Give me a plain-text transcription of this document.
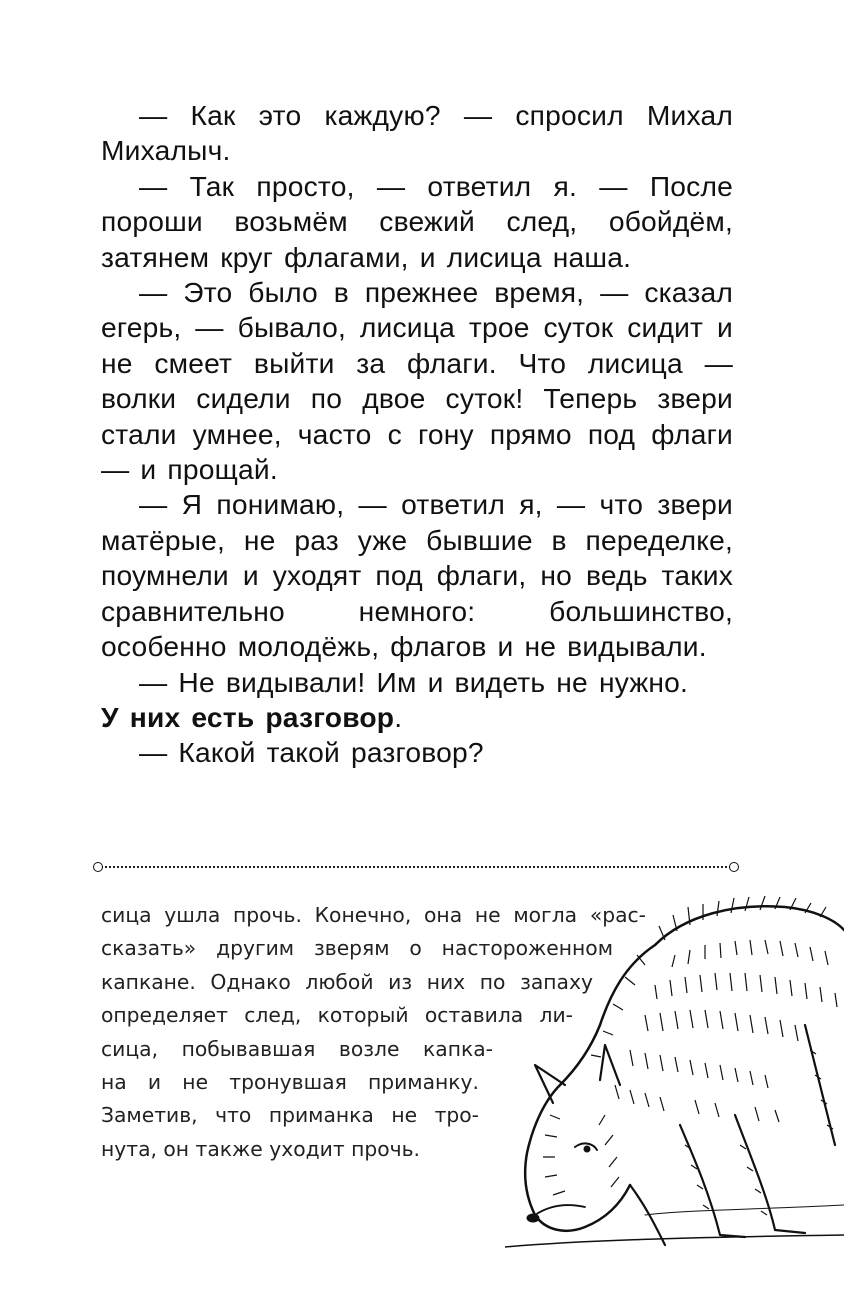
— Как это каждую? — спросил Михал Михалыч.

— Так просто, — ответил я. — После пороши возьмём свежий след, обойдём, затянем круг флагами, и лисица наша.

— Это было в прежнее время, — сказал егерь, — бывало, лисица трое суток сидит и не смеет выйти за флаги. Что лисица — волки сидели по двое суток! Теперь звери стали умнее, часто с гону прямо под флаги — и прощай.

— Я понимаю, — ответил я, — что звери матёрые, не раз уже бывшие в переделке, поумнели и уходят под флаги, но ведь таких сравнительно немного: большинство, особенно молодёжь, флагов и не видывали.

— Не видывали! Им и видеть не нужно.

У них есть разговор.

— Какой такой разговор?

сица ушла прочь. Конечно, она не могла «рас-
сказать» другим зверям о настороженном
капкане. Однако любой из них по запаху
определяет след, который оставила ли-
сица, побывавшая возле капка-
на и не тронувшая приманку.
Заметив, что приманка не тро-
нута, он также уходит прочь.
